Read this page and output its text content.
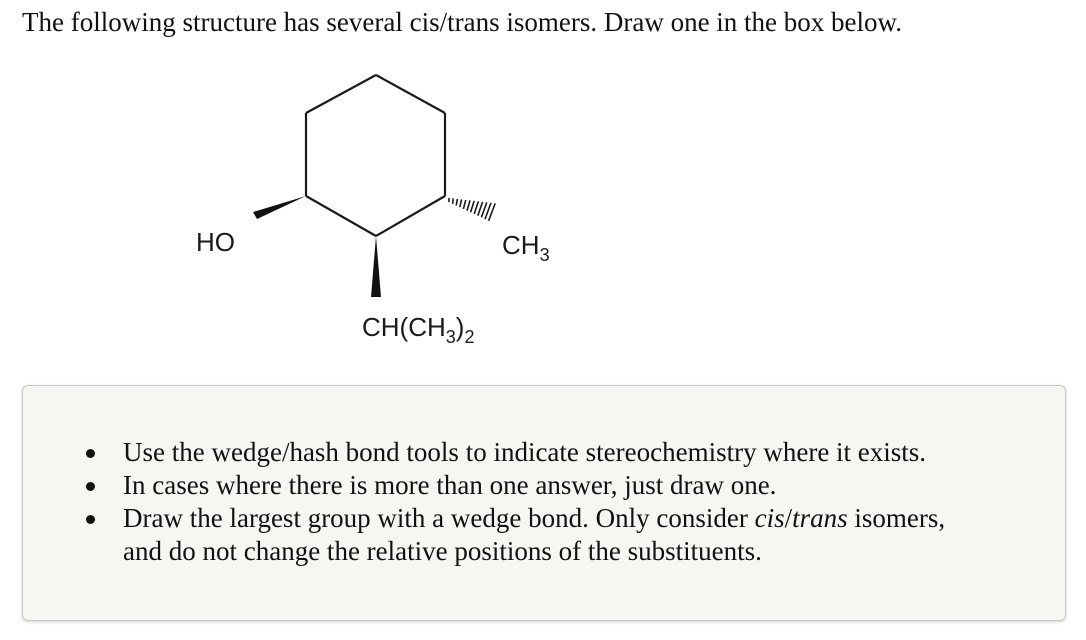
The following structure has several cis/trans isomers. Draw one in the box below.

HO	$CH_3$
$CH(CH_3)_2$
Use the wedge/hash bond tools to indicate stereochemistry where it exists.
In cases where there is more than one answer, just draw one.
Draw the largest group with a wedge bond. Only consider cis/trans isomers,
and do not change the relative positions of the substituents.
